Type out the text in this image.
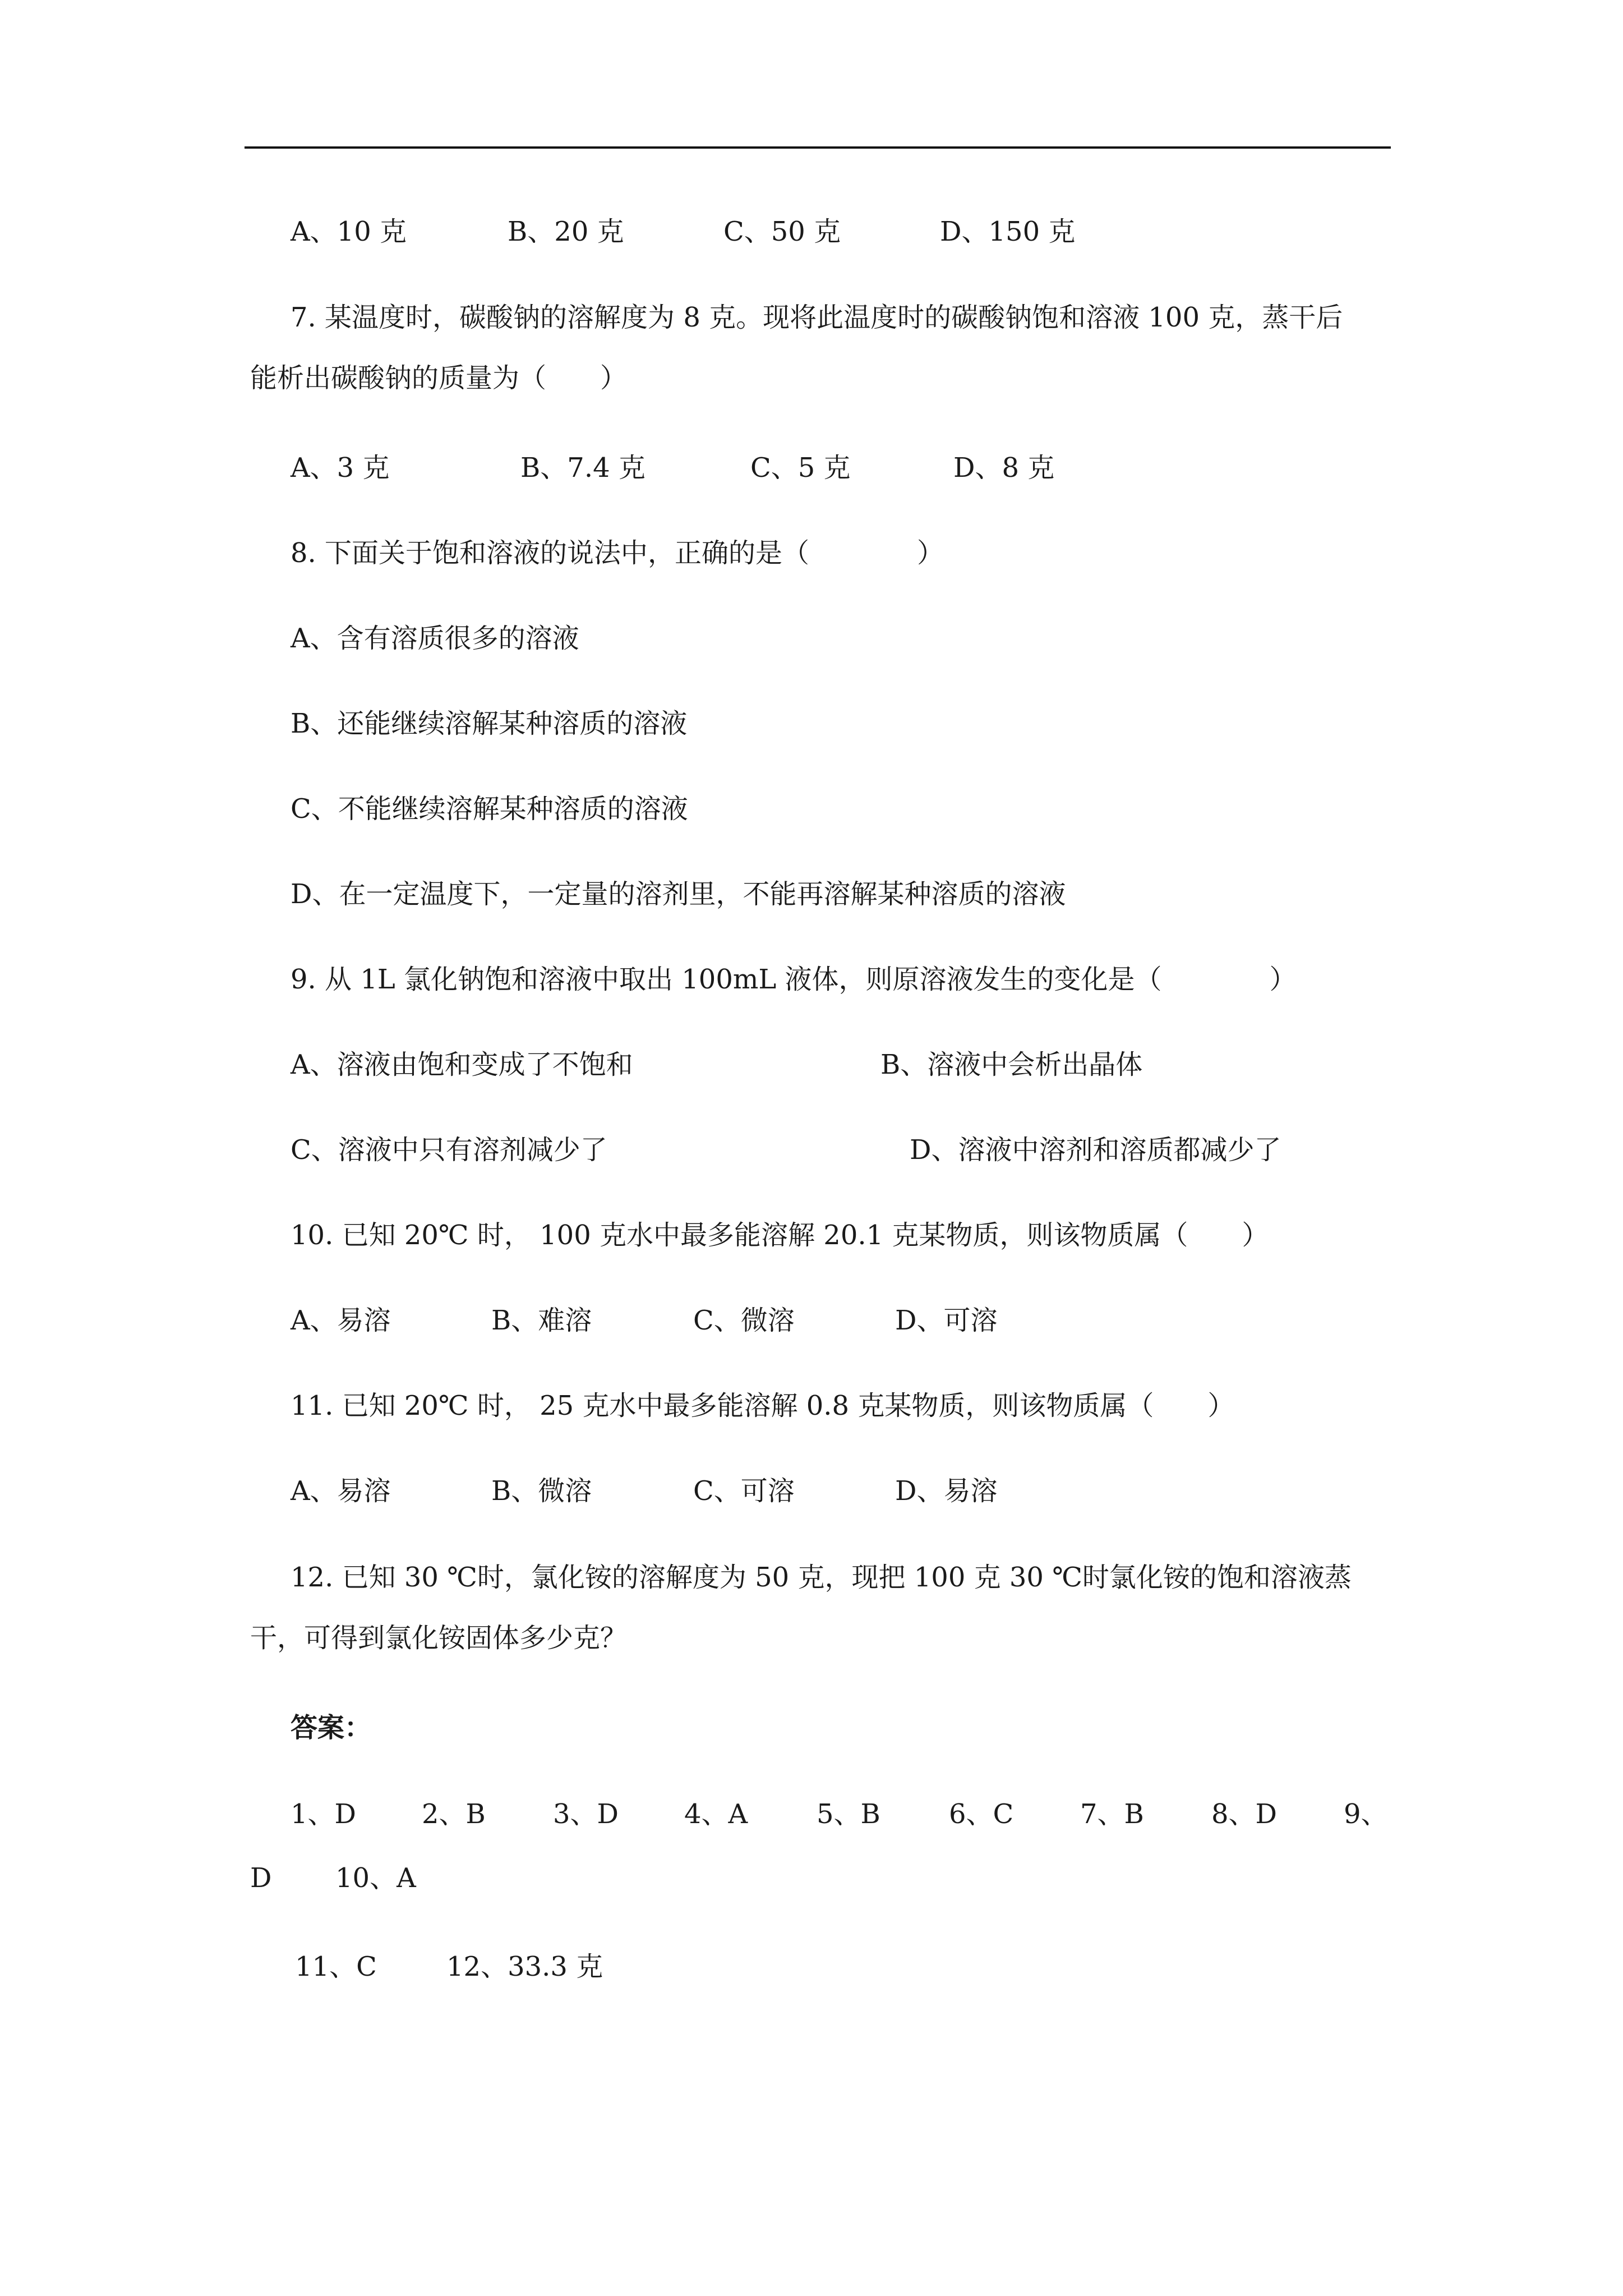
A、10 克	B、20 克	C、50 克	D、150 克
7. 某温度时，碳酸钠的溶解度为 8 克。现将此温度时的碳酸钠饱和溶液 100 克，蒸干后
能析出碳酸钠的质量为（　　）
A、3 克	B、7.4 克	C、5 克	D、8 克
8. 下面关于饱和溶液的说法中，正确的是（　　　　）
A、含有溶质很多的溶液
B、还能继续溶解某种溶质的溶液
C、不能继续溶解某种溶质的溶液
D、在一定温度下，一定量的溶剂里，不能再溶解某种溶质的溶液
9. 从 1L 氯化钠饱和溶液中取出 100mL 液体，则原溶液发生的变化是（　　　　）
A、溶液由饱和变成了不饱和	B、溶液中会析出晶体
C、溶液中只有溶剂减少了	D、溶液中溶剂和溶质都减少了
10. 已知 20℃ 时， 100 克水中最多能溶解 20.1 克某物质，则该物质属（　　）
A、易溶	B、难溶	C、微溶	D、可溶
11. 已知 20℃ 时， 25 克水中最多能溶解 0.8 克某物质，则该物质属（　　）
A、易溶	B、微溶	C、可溶	D、易溶
12. 已知 30 ℃时，氯化铵的溶解度为 50 克，现把 100 克 30 ℃时氯化铵的饱和溶液蒸
干，可得到氯化铵固体多少克？
答案：
1、D 2、B	3、D 4、A	5、B	6、C 7、B	8、D 9、
D 10、A
11、C	12、33.3 克
